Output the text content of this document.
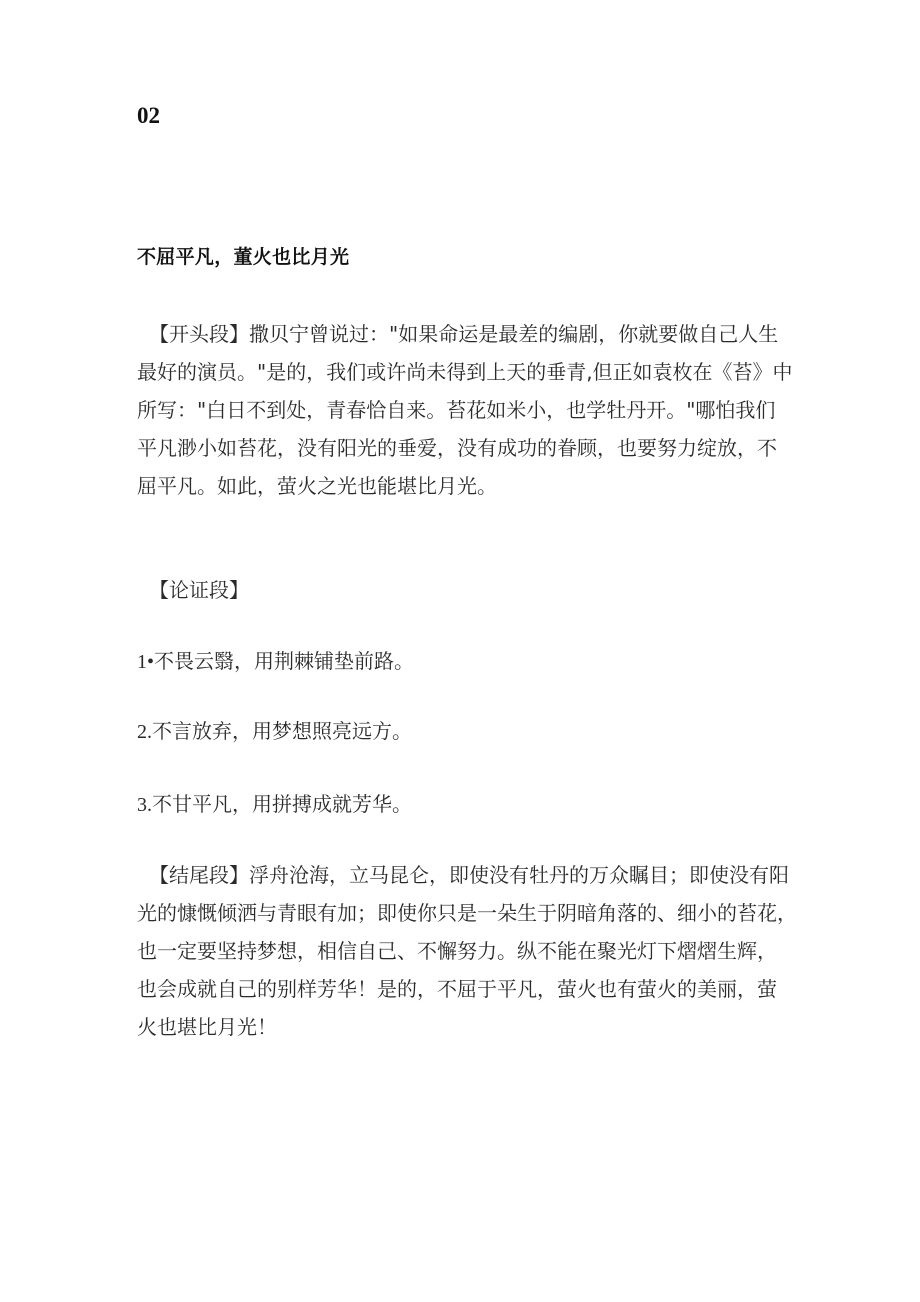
02
不屈平凡，董火也比月光
【开头段】撒贝宁曾说过："如果命运是最差的编剧，你就要做自己人生
最好的演员。"是的，我们或许尚未得到上天的垂青,但正如袁枚在《苔》中
所写："白日不到处，青春恰自来。苔花如米小，也学牡丹开。"哪怕我们
平凡渺小如苔花，没有阳光的垂爱，没有成功的眷顾，也要努力绽放，不
屈平凡。如此，萤火之光也能堪比月光。
【论证段】
1•不畏云翳，用荆棘铺垫前路。
2.不言放弃，用梦想照亮远方。
3.不甘平凡，用拼搏成就芳华。
【结尾段】浮舟沧海，立马昆仑，即使没有牡丹的万众瞩目；即使没有阳
光的慷慨倾洒与青眼有加；即使你只是一朵生于阴暗角落的、细小的苔花，
也一定要坚持梦想，相信自己、不懈努力。纵不能在聚光灯下熠熠生辉，
也会成就自己的别样芳华！是的，不屈于平凡，萤火也有萤火的美丽，萤
火也堪比月光！
